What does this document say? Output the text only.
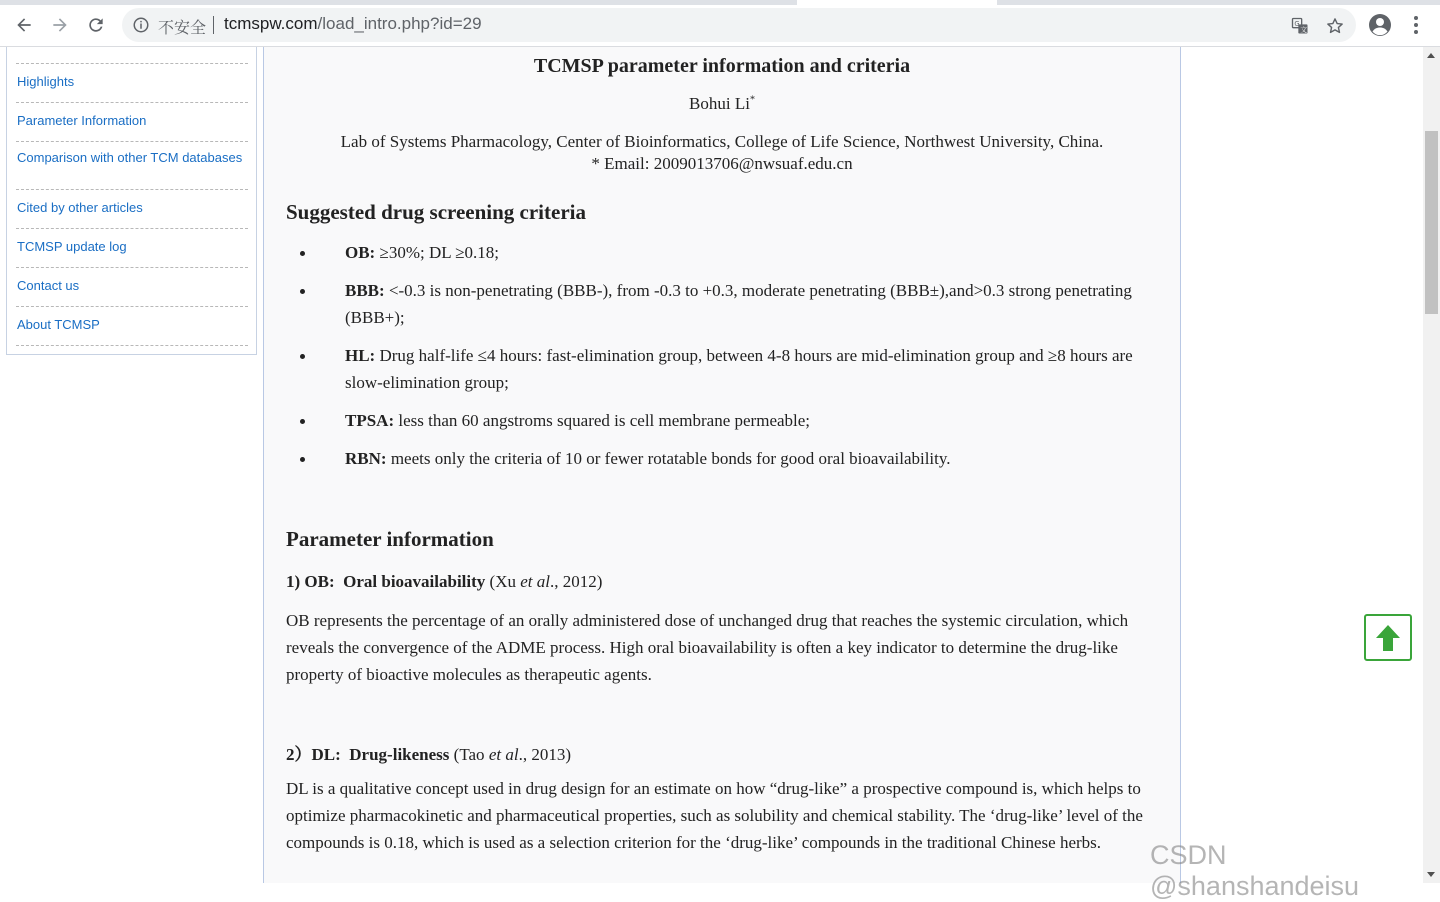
不安全 tcmspw.com/load_intro.php?id=29	G
文
Highlights
Parameter Information
Comparison with other TCM databases
Cited by other articles
TCMSP update log
Contact us
About TCMSP
TCMSP parameter information and criteria
Bohui Li*
Lab of Systems Pharmacology, Center of Bioinformatics, College of Life Science, Northwest University, China.
* Email: 2009013706@nwsuaf.edu.cn
Suggested drug screening criteria
OB: ≥30%; DL ≥0.18;
BBB: <-0.3 is non-penetrating (BBB-), from -0.3 to +0.3, moderate penetrating (BBB±),and>0.3 strong penetrating (BBB+);
HL: Drug half-life ≤4 hours: fast-elimination group, between 4-8 hours are mid-elimination group and ≥8 hours are slow-elimination group;
TPSA: less than 60 angstroms squared is cell membrane permeable;
RBN: meets only the criteria of 10 or fewer rotatable bonds for good oral bioavailability.
Parameter information
1) OB: Oral bioavailability (Xu et al., 2012)
OB represents the percentage of an orally administered dose of unchanged drug that reaches the systemic circulation, which reveals the convergence of the ADME process. High oral bioavailability is often a key indicator to determine the drug-like property of bioactive molecules as therapeutic agents.
2）DL: Drug-likeness (Tao et al., 2013)
DL is a qualitative concept used in drug design for an estimate on how “drug-like” a prospective compound is, which helps to optimize pharmacokinetic and pharmaceutical properties, such as solubility and chemical stability. The ‘drug-like’ level of the compounds is 0.18, which is used as a selection criterion for the ‘drug-like’ compounds in the traditional Chinese herbs.	CSDN @shanshandeisu
